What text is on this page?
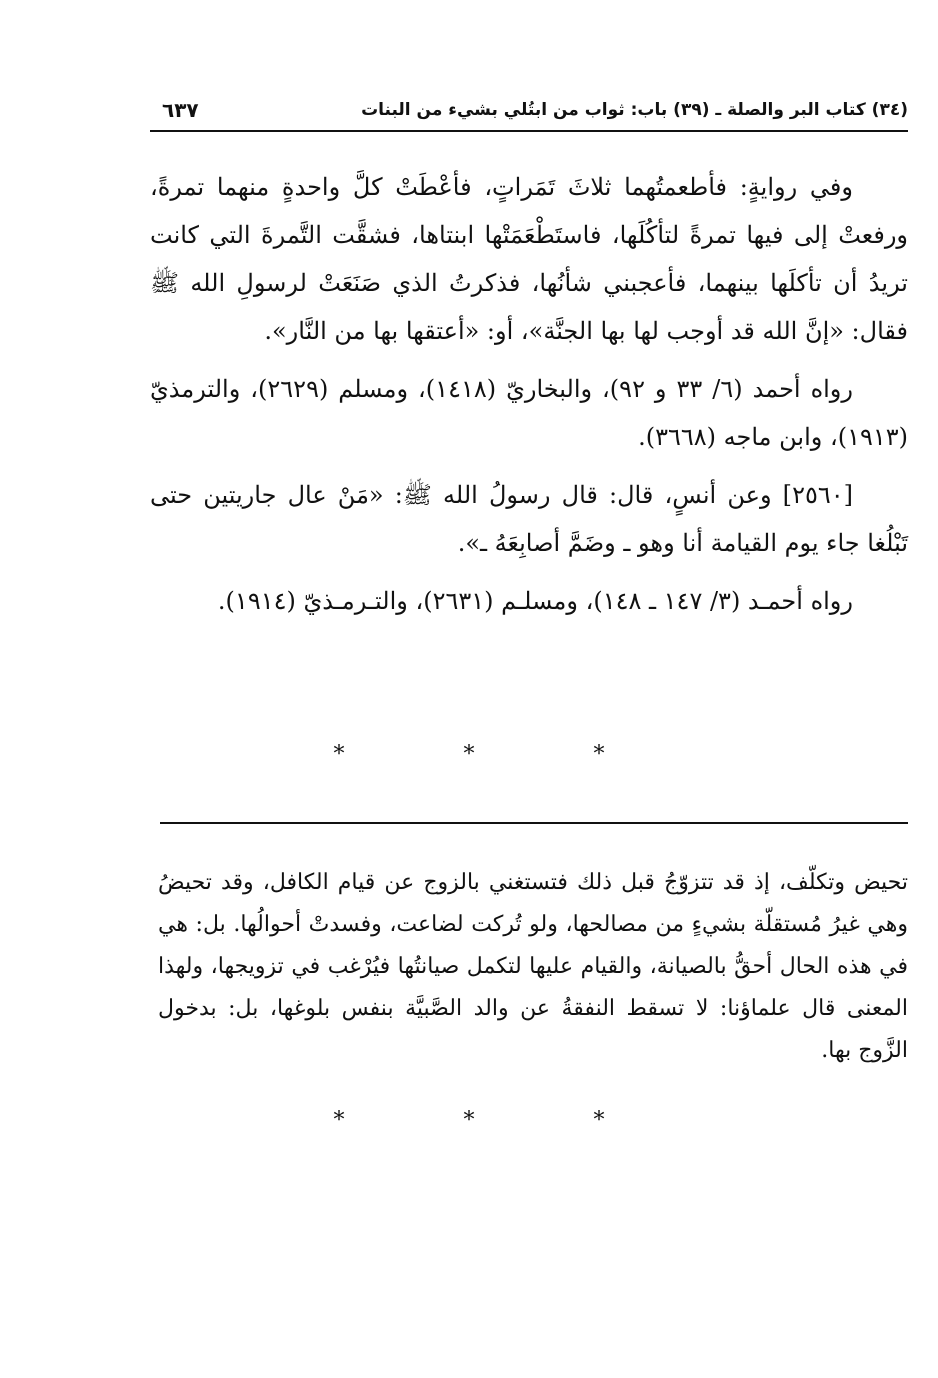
(٣٤) كتاب البر والصلة ـ (٣٩) باب: ثواب من ابتُلي بشيء من البنات
٦٣٧

وفي روايةٍ: فأطعمتُهما ثلاثَ تَمَراتٍ، فأعْطَتْ كلَّ واحدةٍ منهما تمرةً، ورفعتْ إلى فيها تمرةً لتأكُلَها، فاستَطْعَمَتْها ابنتاها، فشقَّت التَّمرةَ التي كانت تريدُ أن تأكلَها بينهما، فأعجبني شأنُها، فذكرتُ الذي صَنَعَتْ لرسولِ الله ﷺ فقال: «إنَّ الله قد أوجب لها بها الجنَّة»، أو: «أعتقها بها من النَّار».

رواه أحمد (٦/ ٣٣ و ٩٢)، والبخاريّ (١٤١٨)، ومسلم (٢٦٢٩)، والترمذيّ (١٩١٣)، وابن ماجه (٣٦٦٨).

[٢٥٦٠] وعن أنسٍ، قال: قال رسولُ الله ﷺ: «مَنْ عال جاريتين حتى تَبْلُغا جاء يوم القيامة أنا وهو ـ وضَمَّ أصابِعَهُ ـ».

رواه أحمـد (٣/ ١٤٧ ـ ١٤٨)، ومسلـم (٢٦٣١)، والتـرمـذيّ (١٩١٤).

* * *

تحيض وتكلّف، إذ قد تتزوّجُ قبل ذلك فتستغني بالزوج عن قيام الكافل، وقد تحيضُ وهي غيرُ مُستقلّة بشيءٍ من مصالحها، ولو تُركت لضاعت، وفسدتْ أحوالُها. بل: هي في هذه الحال أحقُّ بالصيانة، والقيام عليها لتكمل صيانتُها فيُرْغب في تزويجها، ولهذا المعنى قال علماؤنا: لا تسقط النفقةُ عن والد الصَّبيَّة بنفس بلوغها، بل: بدخول الزَّوج بها.

* * *
